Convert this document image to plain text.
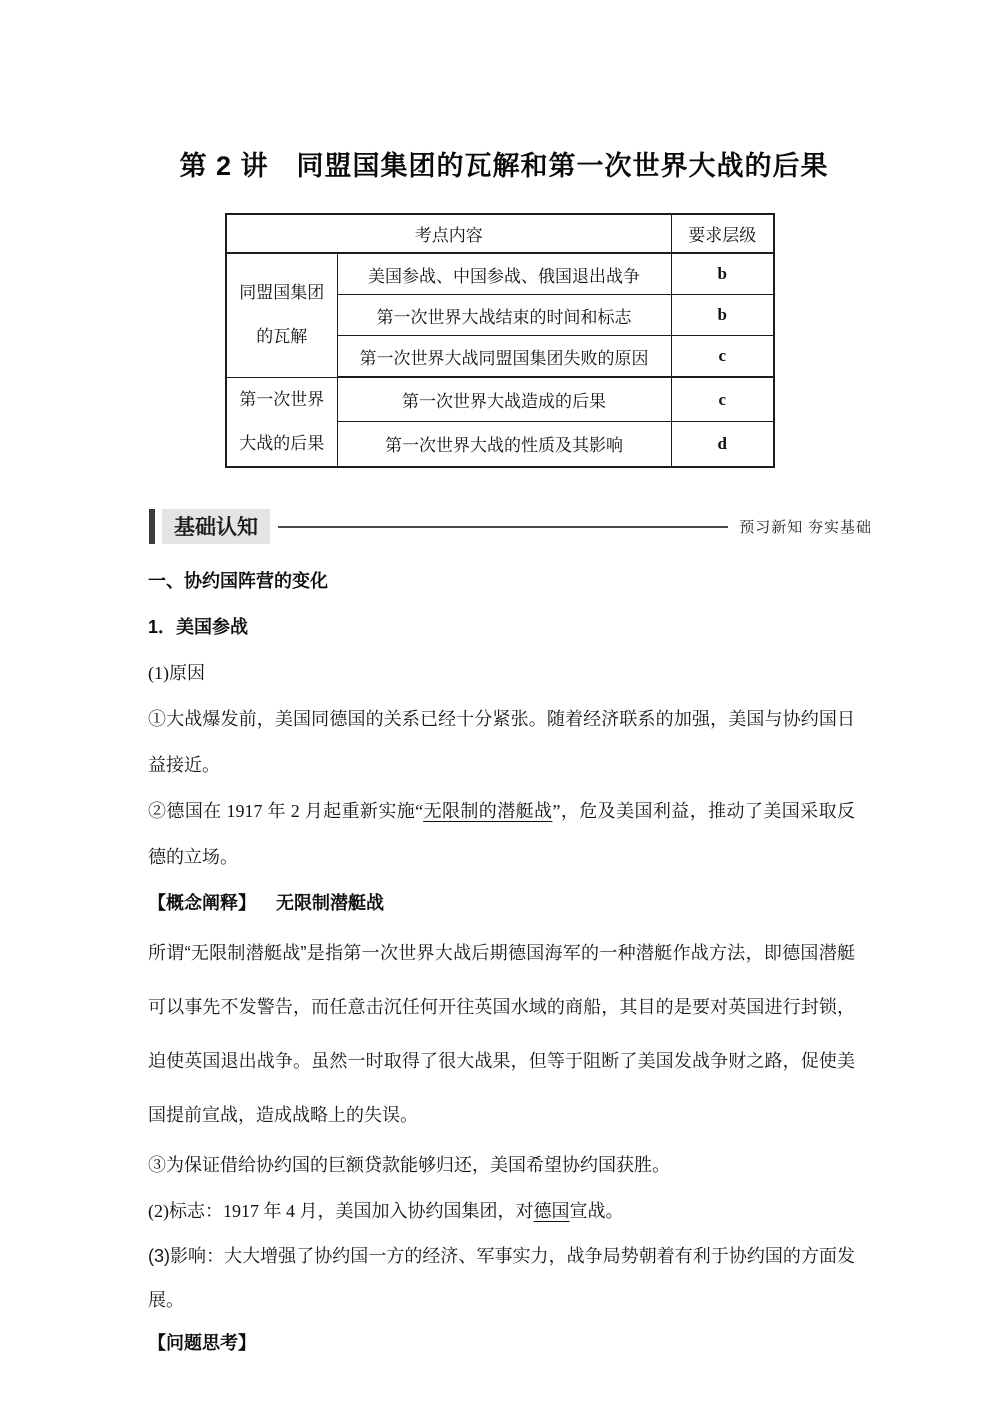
第 2 讲　同盟国集团的瓦解和第一次世界大战的后果
考点内容		要求层级

同盟国集团
的瓦解	美国参战、中国参战、俄国退出战争	b
	第一次世界大战结束的时间和标志	b
	第一次世界大战同盟国集团失败的原因	c

第一次世界
大战的后果	第一次世界大战造成的后果	c
	第一次世界大战的性质及其影响	d
基础认知	预习新知 夯实基础

一、协约国阵营的变化

1．美国参战

(1)原因

①大战爆发前，美国同德国的关系已经十分紧张。随着经济联系的加强，美国与协约国日益接近。

②德国在 1917 年 2 月起重新实施“无限制的潜艇战”，危及美国利益，推动了美国采取反德的立场。

【概念阐释】 无限制潜艇战

所谓“无限制潜艇战”是指第一次世界大战后期德国海军的一种潜艇作战方法，即德国潜艇可以事先不发警告，而任意击沉任何开往英国水域的商船，其目的是要对英国进行封锁，迫使英国退出战争。虽然一时取得了很大战果，但等于阻断了美国发战争财之路，促使美国提前宣战，造成战略上的失误。

③为保证借给协约国的巨额贷款能够归还，美国希望协约国获胜。

(2)标志：1917 年 4 月，美国加入协约国集团，对德国宣战。

(3)影响：大大增强了协约国一方的经济、军事实力，战争局势朝着有利于协约国的方面发展。

【问题思考】
